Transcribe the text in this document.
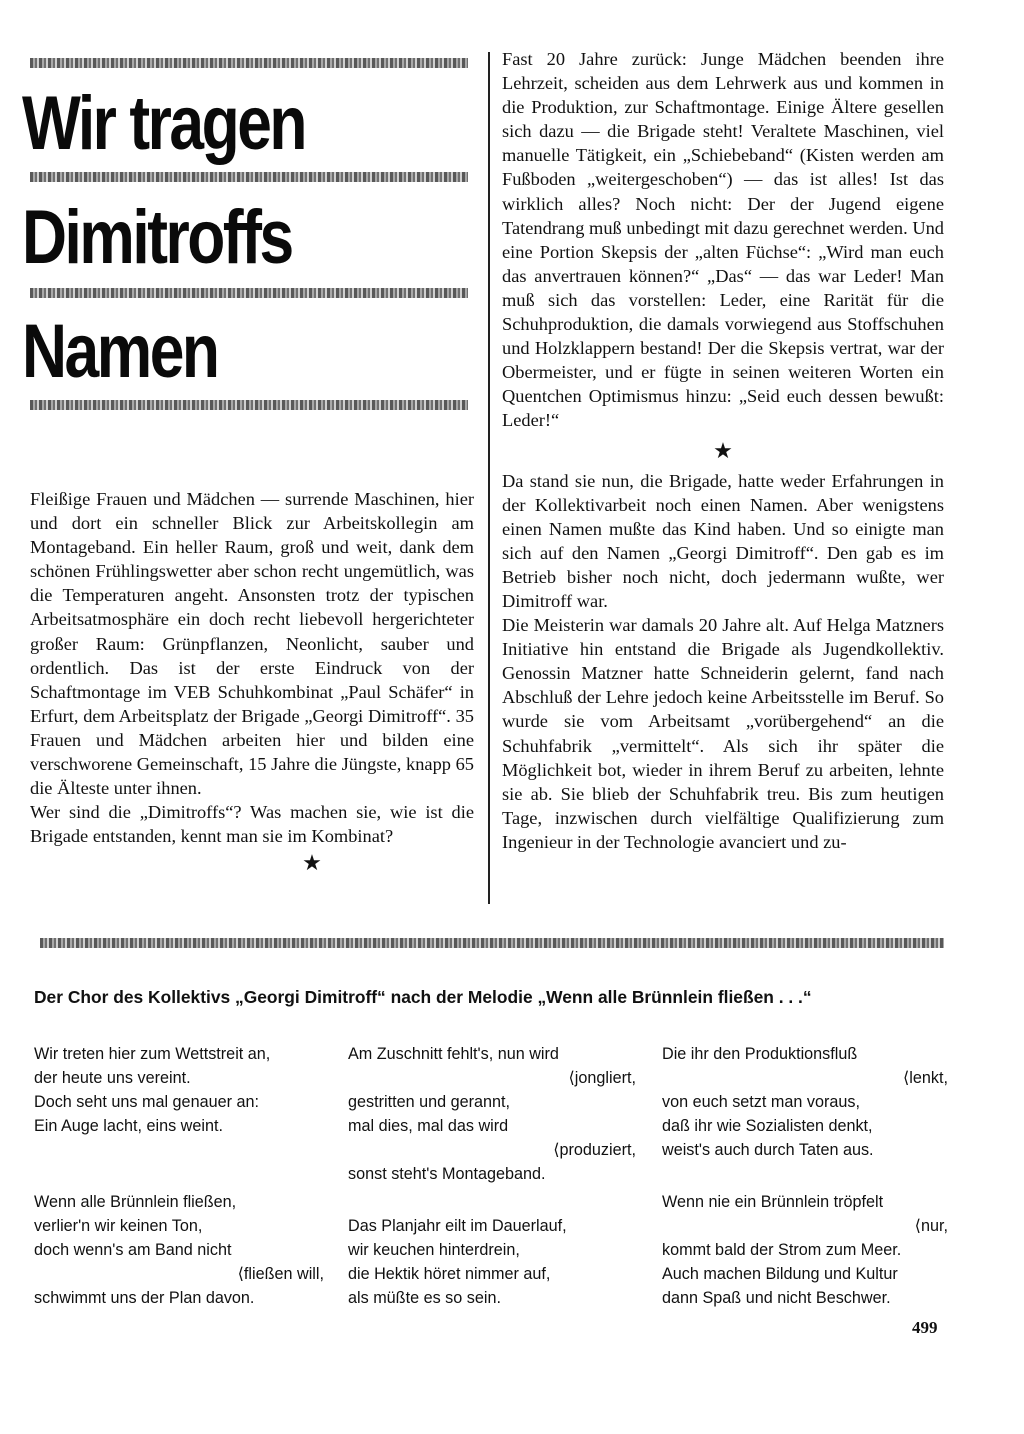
Wir tragen
Dimitroffs
Namen

Fleißige Frauen und Mädchen — surrende Maschinen, hier und dort ein schneller Blick zur Arbeitskollegin am Montageband. Ein heller Raum, groß und weit, dank dem schönen Frühlingswetter aber schon recht ungemütlich, was die Temperaturen angeht. Ansonsten trotz der typischen Arbeitsatmosphäre ein doch recht liebevoll hergerichteter großer Raum: Grünpflanzen, Neonlicht, sauber und ordentlich. Das ist der erste Eindruck von der Schaftmontage im VEB Schuhkombinat „Paul Schäfer“ in Erfurt, dem Arbeitsplatz der Brigade „Georgi Dimitroff“. 35 Frauen und Mädchen arbeiten hier und bilden eine verschworene Gemeinschaft, 15 Jahre die Jüngste, knapp 65 die Älteste unter ihnen.

Wer sind die „Dimitroffs“? Was machen sie, wie ist die Brigade entstanden, kennt man sie im Kombinat?

★

Fast 20 Jahre zurück: Junge Mädchen beenden ihre Lehrzeit, scheiden aus dem Lehrwerk aus und kommen in die Produktion, zur Schaftmontage. Einige Ältere gesellen sich dazu — die Brigade steht! Veraltete Maschinen, viel manuelle Tätigkeit, ein „Schiebeband“ (Kisten werden am Fußboden „weitergeschoben“) — das ist alles! Ist das wirklich alles? Noch nicht: Der der Jugend eigene Tatendrang muß unbedingt mit dazu gerechnet werden. Und eine Portion Skepsis der „alten Füchse“: „Wird man euch das anvertrauen können?“ „Das“ — das war Leder! Man muß sich das vorstellen: Leder, eine Rarität für die Schuhproduktion, die damals vorwiegend aus Stoffschuhen und Holzklappern bestand! Der die Skepsis vertrat, war der Obermeister, und er fügte in seinen weiteren Worten ein Quentchen Optimismus hinzu: „Seid euch dessen bewußt: Leder!“

★

Da stand sie nun, die Brigade, hatte weder Erfahrungen in der Kollektivarbeit noch einen Namen. Aber wenigstens einen Namen mußte das Kind haben. Und so einigte man sich auf den Namen „Georgi Dimitroff“. Den gab es im Betrieb bisher noch nicht, doch jedermann wußte, wer Dimitroff war.

Die Meisterin war damals 20 Jahre alt. Auf Helga Matzners Initiative hin entstand die Brigade als Jugendkollektiv. Genossin Matzner hatte Schneiderin gelernt, fand nach Abschluß der Lehre jedoch keine Arbeitsstelle im Beruf. So wurde sie vom Arbeitsamt „vorübergehend“ an die Schuhfabrik „vermittelt“. Als sich ihr später die Möglichkeit bot, wieder in ihrem Beruf zu arbeiten, lehnte sie ab. Sie blieb der Schuhfabrik treu. Bis zum heutigen Tage, inzwischen durch vielfältige Qualifizierung zum Ingenieur in der Technologie avanciert und zu-

Der Chor des Kollektivs „Georgi Dimitroff“ nach der Melodie „Wenn alle Brünnlein fließen . . .“
Wir treten hier zum Wettstreit an,
der heute uns vereint.
Doch seht uns mal genauer an:
Ein Auge lacht, eins weint.
Wenn alle Brünnlein fließen,
verlier'n wir keinen Ton,
doch wenn's am Band nicht
⟨fließen will,
schwimmt uns der Plan davon.
Am Zuschnitt fehlt's, nun wird
⟨jongliert,
gestritten und gerannt,
mal dies, mal das wird
⟨produziert,
sonst steht's Montageband.
Das Planjahr eilt im Dauerlauf,
wir keuchen hinterdrein,
die Hektik höret nimmer auf,
als müßte es so sein.
Die ihr den Produktionsfluß
⟨lenkt,
von euch setzt man voraus,
daß ihr wie Sozialisten denkt,
weist's auch durch Taten aus.
Wenn nie ein Brünnlein tröpfelt
⟨nur,
kommt bald der Strom zum Meer.
Auch machen Bildung und Kultur
dann Spaß und nicht Beschwer.
499
